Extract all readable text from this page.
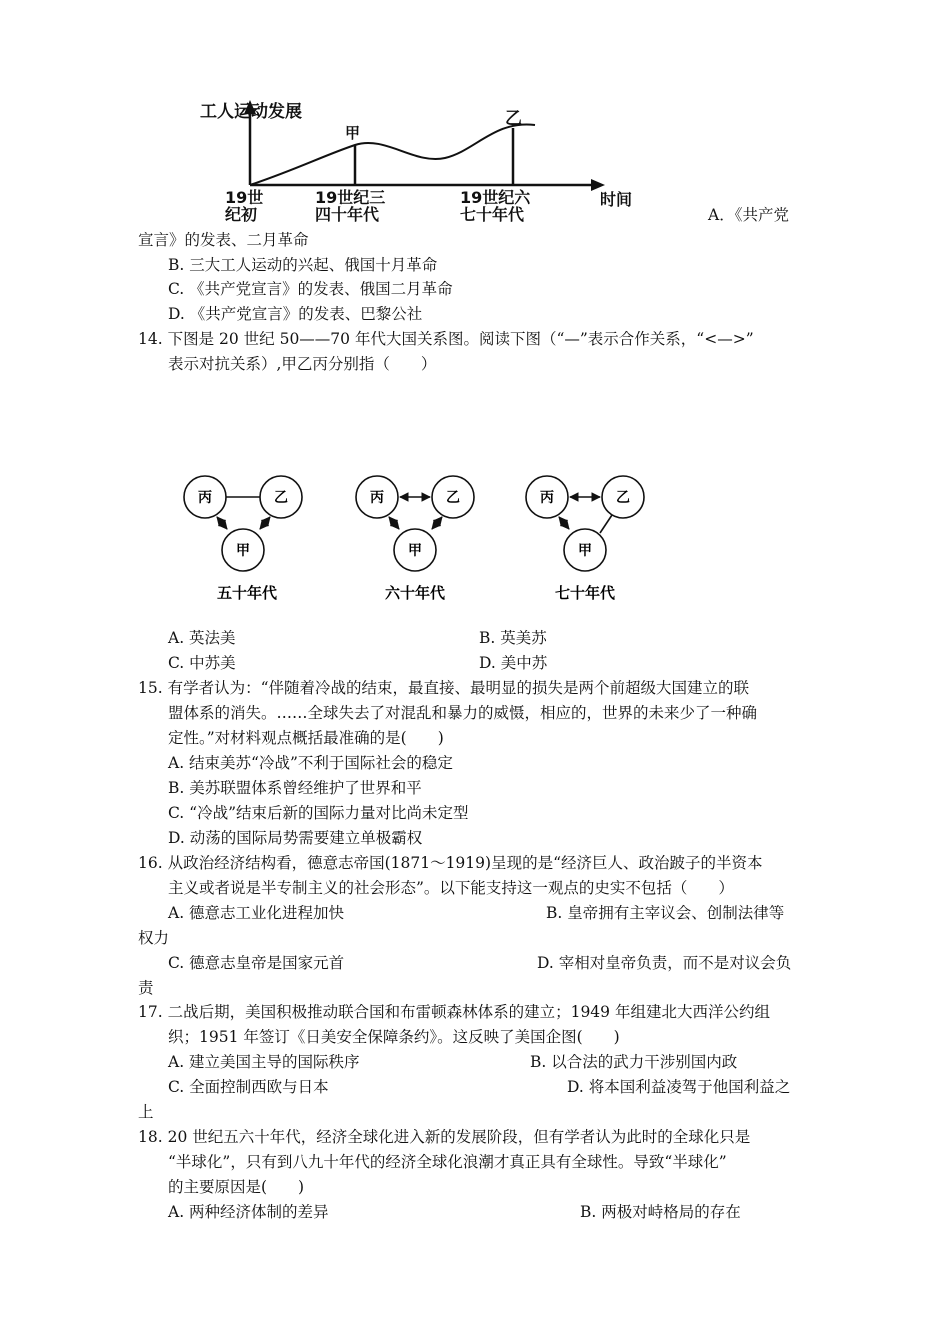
工人运动发展
甲
乙
19世
纪初
19世纪三
四十年代
19世纪六
七十年代
时间
A．《共产党
宣言》的发表、二月革命
B. 三大工人运动的兴起、俄国十月革命
C. 《共产党宣言》的发表、俄国二月革命
D. 《共产党宣言》的发表、巴黎公社
14. 下图是 20 世纪 50——70 年代大国关系图。阅读下图（“—”表示合作关系，“<—>”
表示对抗关系）,甲乙丙分别指（　　）
丙	乙
甲
五十年代
丙	乙
甲
六十年代
丙	乙
甲
七十年代
A. 英法美	B. 英美苏
C. 中苏美	D. 美中苏
15. 有学者认为：“伴随着冷战的结束，最直接、最明显的损失是两个前超级大国建立的联
盟体系的消失。……全球失去了对混乱和暴力的威慑，相应的，世界的未来少了一种确
定性。”对材料观点概括最准确的是(　　)
A. 结束美苏“冷战”不利于国际社会的稳定
B. 美苏联盟体系曾经维护了世界和平
C. “冷战”结束后新的国际力量对比尚未定型
D. 动荡的国际局势需要建立单极霸权
16. 从政治经济结构看，德意志帝国(1871～1919)呈现的是“经济巨人、政治跛子的半资本
主义或者说是半专制主义的社会形态”。以下能支持这一观点的史实不包括（　　）
A. 德意志工业化进程加快	B. 皇帝拥有主宰议会、创制法律等
权力
C. 德意志皇帝是国家元首	D. 宰相对皇帝负责，而不是对议会负
责
17. 二战后期，美国积极推动联合国和布雷顿森林体系的建立；1949 年组建北大西洋公约组
织；1951 年签订《日美安全保障条约》。这反映了美国企图(　　)
A. 建立美国主导的国际秩序	B. 以合法的武力干涉别国内政
C. 全面控制西欧与日本	D. 将本国利益凌驾于他国利益之
上
18. 20 世纪五六十年代，经济全球化进入新的发展阶段，但有学者认为此时的全球化只是
“半球化”，只有到八九十年代的经济全球化浪潮才真正具有全球性。导致“半球化”
的主要原因是(　　)
A. 两种经济体制的差异	B. 两极对峙格局的存在
